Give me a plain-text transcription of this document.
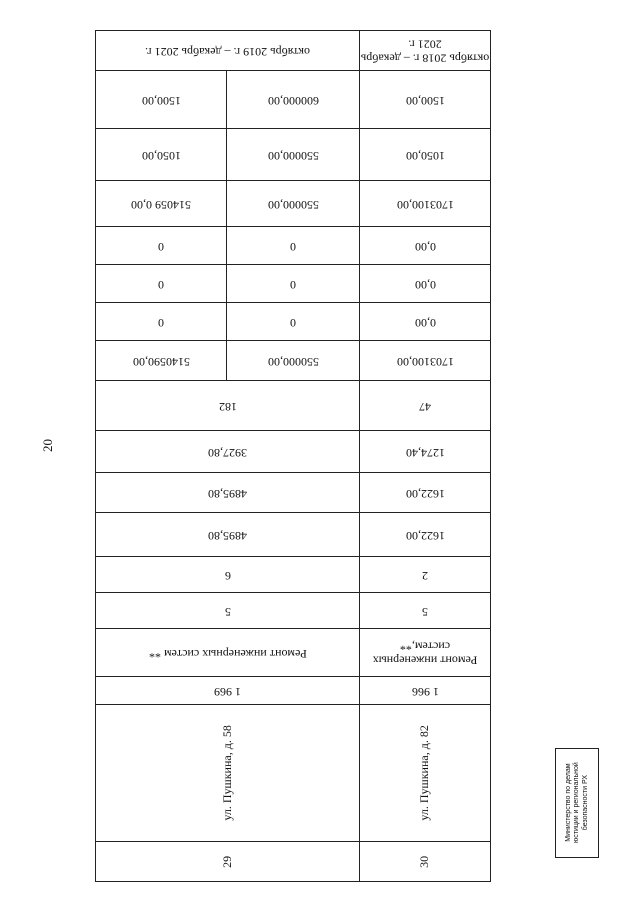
20
октябрь 2019 г. – декабрь 2021 г.		октябрь 2018 г. – декабрь 2021 г.
1500,00	600000,00	1500,00
1050,00	550000,00	1050,00
514059 0,00	550000,00	1703100,00
0	0	0,00
0	0	0,00
0	0	0,00
5140590,00	550000,00	1703100,00
182		47
3927,80		1274,40
4895,80		1622,00
4895,80		1622,00
6		2
5		5
Ремонт инженерных систем **		Ремонт инженерных систем,**
1 969		1 966
ул. Пушкина, д. 58		ул. Пушкина, д. 82
29		30
Министерство по делам юстиции и региональной безопасности РХ
